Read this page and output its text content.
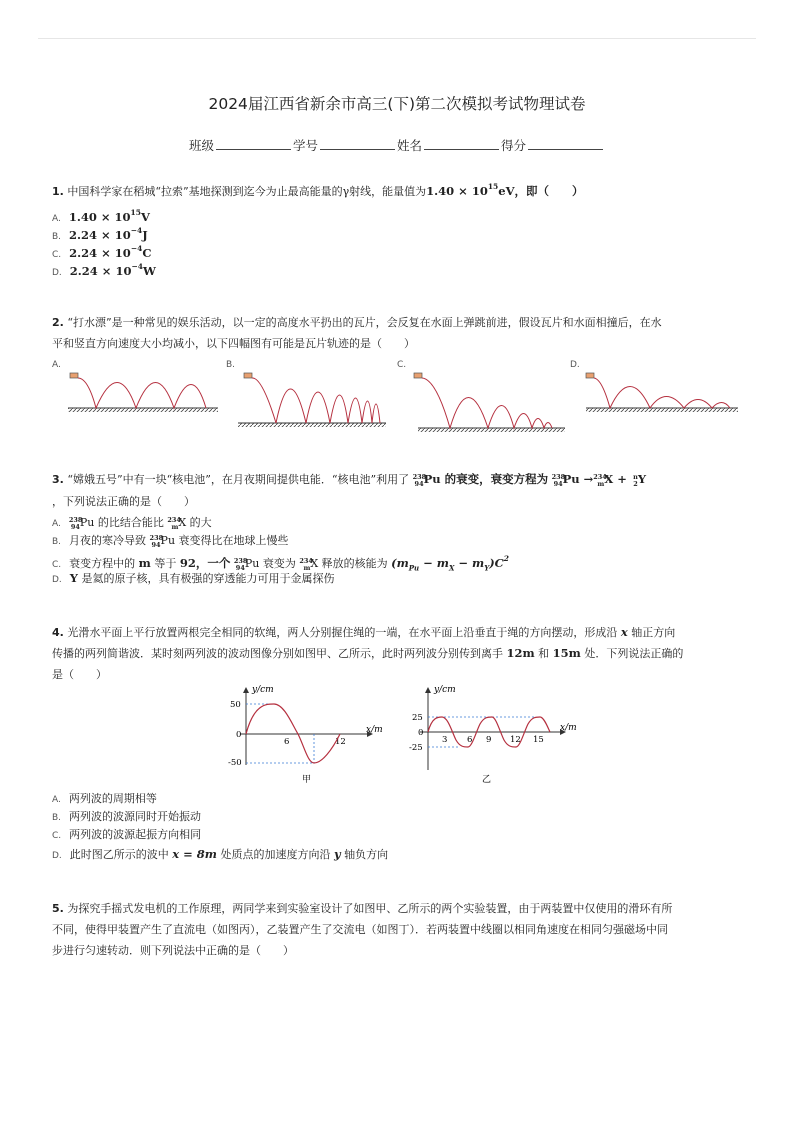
2024届江西省新余市高三(下)第二次模拟考试物理试卷
班级	学号	姓名	得分
1. 中国科学家在稻城“拉索”基地探测到迄今为止最高能量的γ射线，能量值为$1.40 \times 10^{15}eV$，即（　　）
A. $1.40 \times 10^{15}V$
B. $2.24 \times 10^{-4}J$
C. $2.24 \times 10^{-4}C$
D. $2.24 \times 10^{-4}W$
2. “打水漂”是一种常见的娱乐活动，以一定的高度水平扔出的瓦片，会反复在水面上弹跳前进，假设瓦片和水面相撞后，在水
平和竖直方向速度大小均减小，以下四幅图有可能是瓦片轨迹的是（　　）
A.	B.	C.	D.
3. “嫦娥五号”中有一块“核电池”，在月夜期间提供电能．“核电池”利用了 238
94 Pu 的衰变，衰变方程为 238
94 Pu → 234
m X + n
2 Y
，下列说法正确的是（　　）
A. 238
94 Pu 的比结合能比 234
m X 的大
B. 月夜的寒冷导致 238
94 Pu 衰变得比在地球上慢些
C. 衰变方程中的 m 等于 92，一个 238
94 Pu 衰变为 234
m X 释放的核能为 $(m_{Pu} - m_X - m_Y)C^2$
D. Y 是氦的原子核，具有极强的穿透能力可用于金属探伤
4. 光滑水平面上平行放置两根完全相同的软绳，两人分别握住绳的一端，在水平面上沿垂直于绳的方向摆动，形成沿 x 轴正方向
传播的两列简谐波．某时刻两列波的波动图像分别如图甲、乙所示，此时两列波分别传到离手 12m 和 15m 处．下列说法正确的
是（　　）
y/cm
x/m
50
0
-50
6	12
甲
y/cm
x/m
25
0
-25
3 6 9 12 15
乙
A. 两列波的周期相等
B. 两列波的波源同时开始振动
C. 两列波的波源起振方向相同
D. 此时图乙所示的波中 x = 8m 处质点的加速度方向沿 y 轴负方向
5. 为探究手摇式发电机的工作原理，两同学来到实验室设计了如图甲、乙所示的两个实验装置，由于两装置中仅使用的滑环有所
不同，使得甲装置产生了直流电（如图丙），乙装置产生了交流电（如图丁）．若两装置中线圈以相同角速度在相同匀强磁场中同
步进行匀速转动．则下列说法中正确的是（　　）
